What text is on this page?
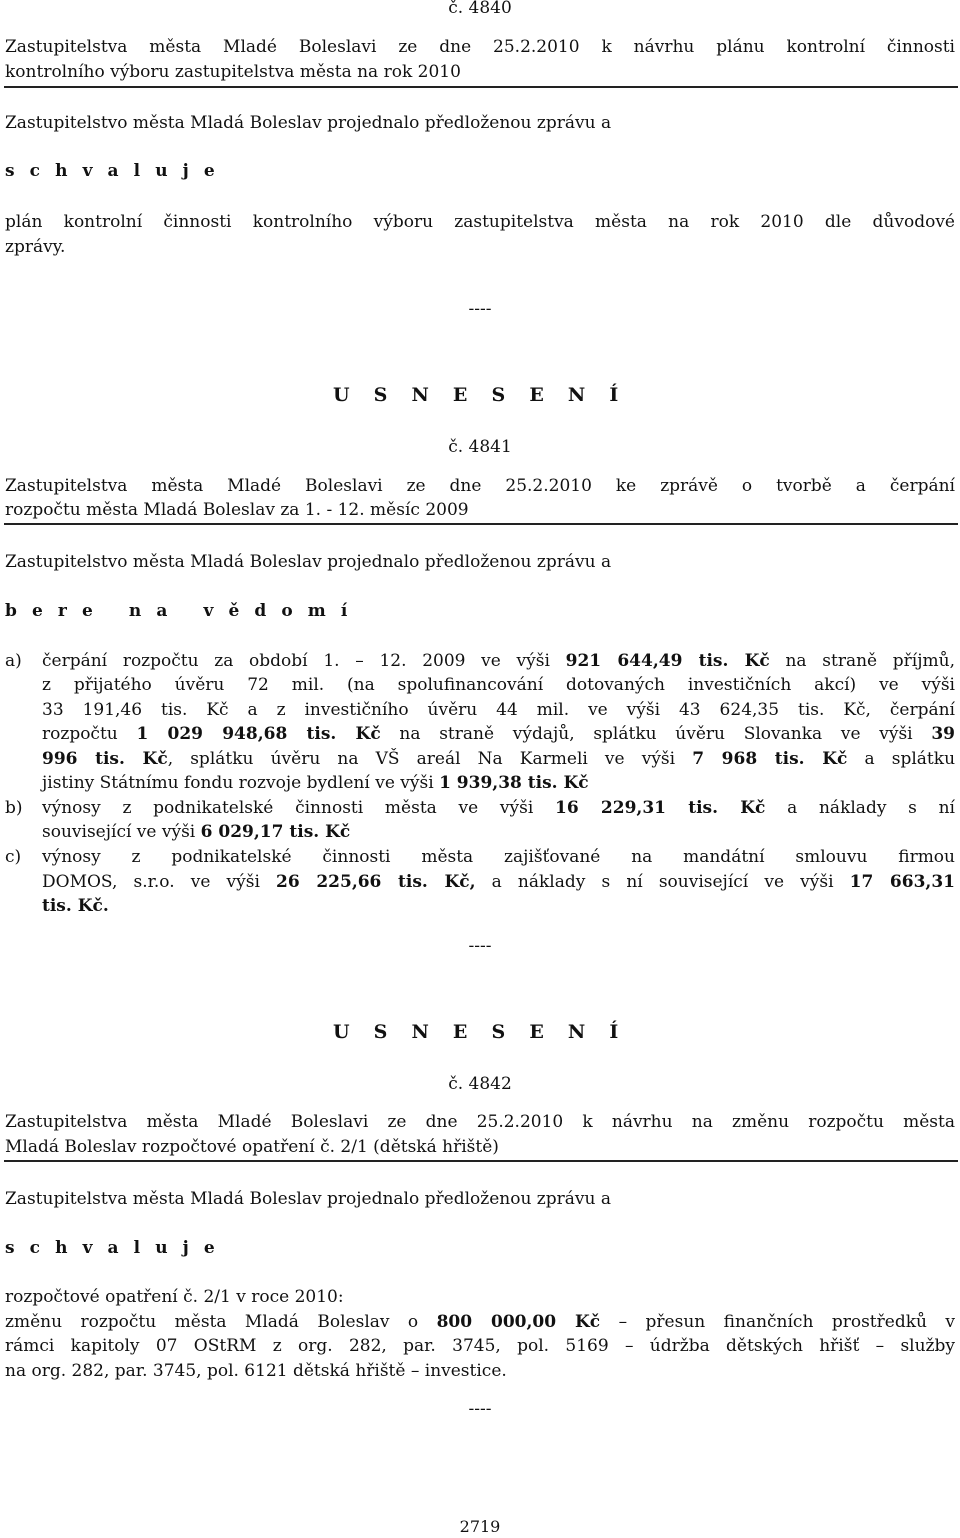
č. 4840
Zastupitelstva města Mladé Boleslavi ze dne 25.2.2010 k návrhu plánu kontrolní činnosti
kontrolního výboru zastupitelstva města na rok 2010
Zastupitelstvo města Mladá Boleslav projednalo předloženou zprávu a
s c h v a l u j e
plán kontrolní činnosti kontrolního výboru zastupitelstva města na rok 2010 dle důvodové
zprávy.
----
U S N E S E N Í
č. 4841
Zastupitelstva města Mladé Boleslavi ze dne 25.2.2010 ke zprávě o tvorbě a čerpání
rozpočtu města Mladá Boleslav za 1. - 12. měsíc 2009
Zastupitelstvo města Mladá Boleslav projednalo předloženou zprávu a
b e r e   n a   v ě d o m í
a) čerpání rozpočtu za období 1. – 12. 2009 ve výši 921 644,49 tis. Kč na straně příjmů,
z přijatého úvěru 72 mil. (na spolufinancování dotovaných investičních akcí) ve výši
33 191,46 tis. Kč a z investičního úvěru 44 mil. ve výši 43 624,35 tis. Kč, čerpání
rozpočtu 1 029 948,68 tis. Kč na straně výdajů, splátku úvěru Slovanka ve výši 39
996 tis. Kč, splátku úvěru na VŠ areál Na Karmeli ve výši 7 968 tis. Kč a splátku
jistiny Státnímu fondu rozvoje bydlení ve výši 1 939,38 tis. Kč
b) výnosy z podnikatelské činnosti města ve výši 16 229,31 tis. Kč a náklady s ní
související ve výši 6 029,17 tis. Kč
c) výnosy z podnikatelské činnosti města zajišťované na mandátní smlouvu firmou
DOMOS, s.r.o. ve výši 26 225,66 tis. Kč, a náklady s ní související ve výši 17 663,31
tis. Kč.
----
U S N E S E N Í
č. 4842
Zastupitelstva města Mladé Boleslavi ze dne 25.2.2010 k návrhu na změnu rozpočtu města
Mladá Boleslav rozpočtové opatření č. 2/1 (dětská hřiště)
Zastupitelstva města Mladá Boleslav projednalo předloženou zprávu a
s c h v a l u j e
rozpočtové opatření č. 2/1 v roce 2010:
změnu rozpočtu města Mladá Boleslav o 800 000,00 Kč – přesun finančních prostředků v
rámci kapitoly 07 OStRM z org. 282, par. 3745, pol. 5169 – údržba dětských hřišť – služby
na org. 282, par. 3745, pol. 6121 dětská hřiště – investice.
----
2719
